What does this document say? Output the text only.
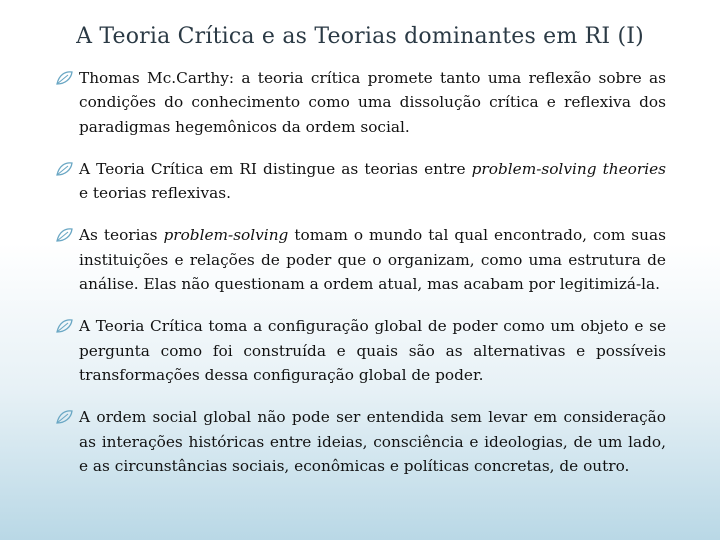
A Teoria Crítica e as Teorias dominantes em RI (I)
Thomas Mc.Carthy: a teoria crítica promete tanto uma reflexão sobre as condições do conhecimento como uma dissolução crítica e reflexiva dos paradigmas hegemônicos da ordem social.
A Teoria Crítica em RI distingue as teorias entre problem-solving theories e teorias reflexivas.
As teorias problem-solving tomam o mundo tal qual encontrado, com suas instituições e relações de poder que o organizam, como uma estrutura de análise. Elas não questionam a ordem atual, mas acabam por legitimizá-la.
A Teoria Crítica toma a configuração global de poder como um objeto e se pergunta como foi construída e quais são as alternativas e possíveis transformações dessa configuração global de poder.
A ordem social global não pode ser entendida sem levar em consideração as interações históricas entre ideias, consciência e ideologias, de um lado, e as circunstâncias sociais, econômicas e políticas concretas, de outro.
